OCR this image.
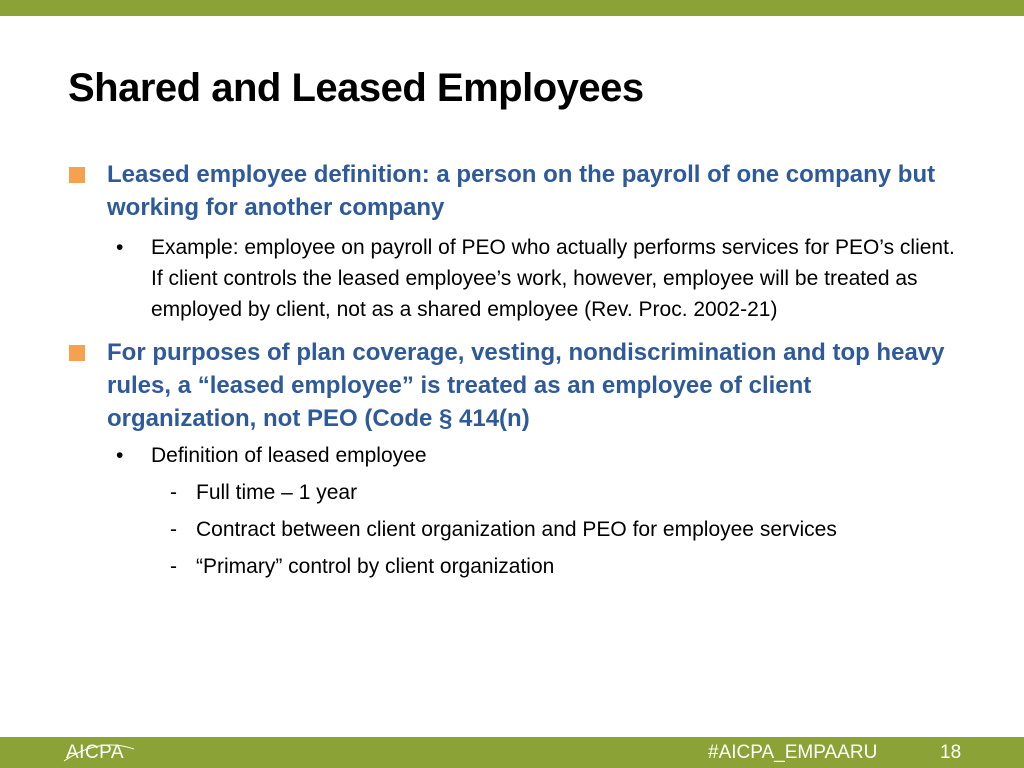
Shared and Leased Employees
Leased employee definition: a person on the payroll of one company but working for another company
• Example: employee on payroll of PEO who actually performs services for PEO’s client. If client controls the leased employee’s work, however, employee will be treated as employed by client, not as a shared employee (Rev. Proc. 2002-21)
For purposes of plan coverage, vesting, nondiscrimination and top heavy rules, a “leased employee” is treated as an employee of client organization, not PEO (Code § 414(n)
• Definition of leased employee
- Full time – 1 year
- Contract between client organization and PEO for employee services
- “Primary” control by client organization
AICPA	#AICPA_EMPAARU	18
